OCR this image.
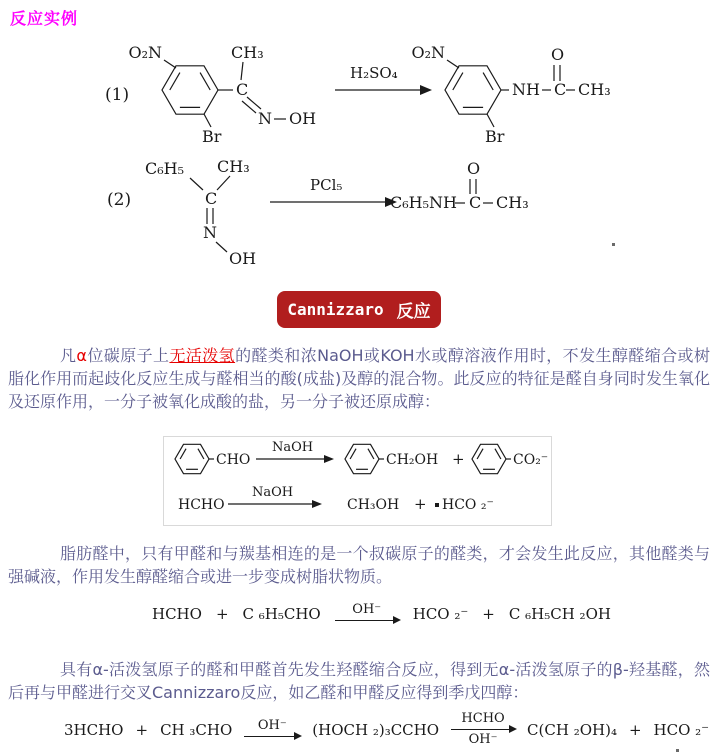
反应实例
(1)
O₂N
Br
C
CH₃
N OH
H₂SO₄
O₂N
Br
NH C
O
CH₃
(2)
C₆H₅ CH₃
C
N
OH
PCl₅
C₆H₅NH C
O
CH₃
Cannizzaro 反应

凡α位碳原子上无活泼氢的醛类和浓NaOH或KOH水或醇溶液作用时，不发生醇醛缩合或树脂化作用而起歧化反应生成与醛相当的酸(成盐)及醇的混合物。此反应的特征是醛自身同时发生氧化及还原作用，一分子被氧化成酸的盐，另一分子被还原成醇：

CHO
NaOH
CH₂OH +	CO₂⁻
HCHO
NaOH
CH₃OH + HCO ₂⁻

脂肪醛中，只有甲醛和与羰基相连的是一个叔碳原子的醛类，才会发生此反应，其他醛类与强碱液，作用发生醇醛缩合或进一步变成树脂状物质。

HCHO + C ₆H₅CHO OH⁻ HCO ₂⁻ + C ₆H₅CH ₂OH

具有α-活泼氢原子的醛和甲醛首先发生羟醛缩合反应，得到无α-活泼氢原子的β-羟基醛，然后再与甲醛进行交叉Cannizzaro反应，如乙醛和甲醛反应得到季戊四醇：

3HCHO + CH ₃CHO OH⁻ (HOCH ₂)₃CCHO
HCHO
OH⁻
C(CH ₂OH)₄ + HCO ₂⁻
